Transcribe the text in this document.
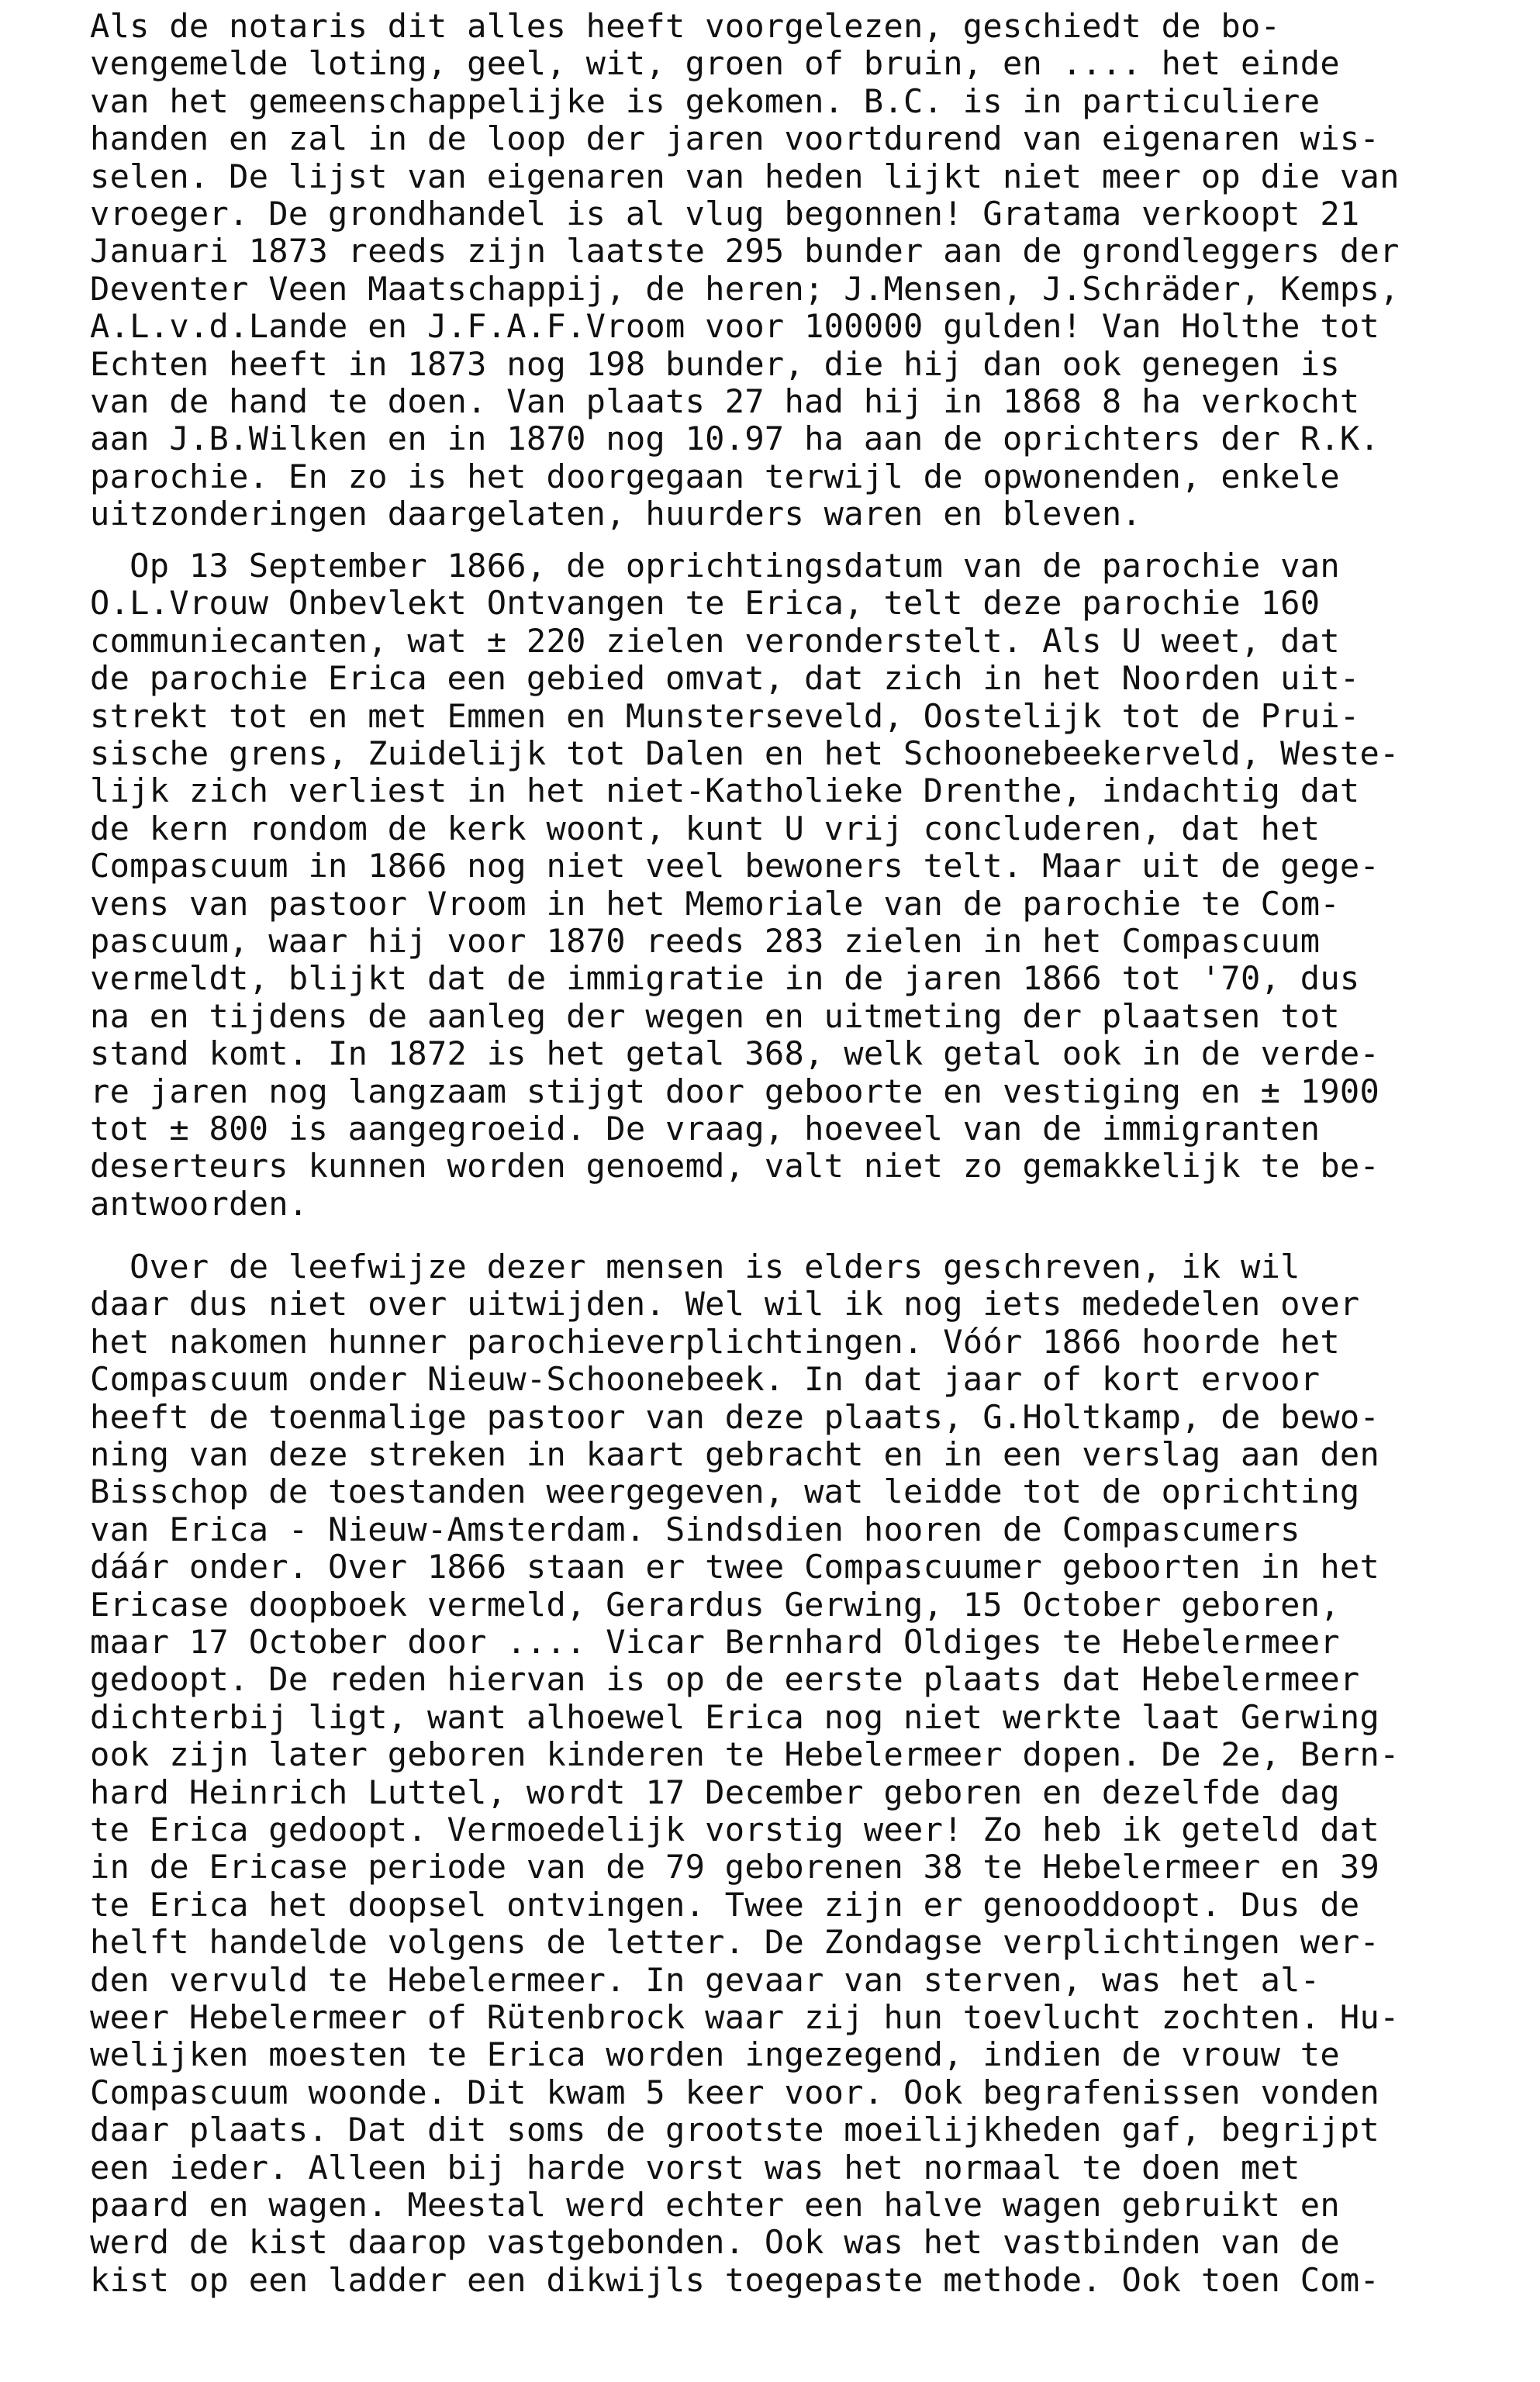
Als de notaris dit alles heeft voorgelezen, geschiedt de bo-
vengemelde loting, geel, wit, groen of bruin, en .... het einde
van het gemeenschappelijke is gekomen. B.C. is in particuliere
handen en zal in de loop der jaren voortdurend van eigenaren wis-
selen. De lijst van eigenaren van heden lijkt niet meer op die van
vroeger. De grondhandel is al vlug begonnen! Gratama verkoopt 21
Januari 1873 reeds zijn laatste 295 bunder aan de grondleggers der
Deventer Veen Maatschappij, de heren; J.Mensen, J.Schräder, Kemps,
A.L.v.d.Lande en J.F.A.F.Vroom voor 100000 gulden! Van Holthe tot
Echten heeft in 1873 nog 198 bunder, die hij dan ook genegen is
van de hand te doen. Van plaats 27 had hij in 1868 8 ha verkocht
aan J.B.Wilken en in 1870 nog 10.97 ha aan de oprichters der R.K.
parochie. En zo is het doorgegaan terwijl de opwonenden, enkele
uitzonderingen daargelaten, huurders waren en bleven.
Op 13 September 1866, de oprichtingsdatum van de parochie van
O.L.Vrouw Onbevlekt Ontvangen te Erica, telt deze parochie 160
communiecanten, wat ± 220 zielen veronderstelt. Als U weet, dat
de parochie Erica een gebied omvat, dat zich in het Noorden uit-
strekt tot en met Emmen en Munsterseveld, Oostelijk tot de Prui-
sische grens, Zuidelijk tot Dalen en het Schoonebeekerveld, Weste-
lijk zich verliest in het niet-Katholieke Drenthe, indachtig dat
de kern rondom de kerk woont, kunt U vrij concluderen, dat het
Compascuum in 1866 nog niet veel bewoners telt. Maar uit de gege-
vens van pastoor Vroom in het Memoriale van de parochie te Com-
pascuum, waar hij voor 1870 reeds 283 zielen in het Compascuum
vermeldt, blijkt dat de immigratie in de jaren 1866 tot '70, dus
na en tijdens de aanleg der wegen en uitmeting der plaatsen tot
stand komt. In 1872 is het getal 368, welk getal ook in de verde-
re jaren nog langzaam stijgt door geboorte en vestiging en ± 1900
tot ± 800 is aangegroeid. De vraag, hoeveel van de immigranten
deserteurs kunnen worden genoemd, valt niet zo gemakkelijk te be-
antwoorden.
Over de leefwijze dezer mensen is elders geschreven, ik wil
daar dus niet over uitwijden. Wel wil ik nog iets mededelen over
het nakomen hunner parochieverplichtingen. Vóór 1866 hoorde het
Compascuum onder Nieuw-Schoonebeek. In dat jaar of kort ervoor
heeft de toenmalige pastoor van deze plaats, G.Holtkamp, de bewo-
ning van deze streken in kaart gebracht en in een verslag aan den
Bisschop de toestanden weergegeven, wat leidde tot de oprichting
van Erica - Nieuw-Amsterdam. Sindsdien hooren de Compascumers
dáár onder. Over 1866 staan er twee Compascuumer geboorten in het
Ericase doopboek vermeld, Gerardus Gerwing, 15 October geboren,
maar 17 October door .... Vicar Bernhard Oldiges te Hebelermeer
gedoopt. De reden hiervan is op de eerste plaats dat Hebelermeer
dichterbij ligt, want alhoewel Erica nog niet werkte laat Gerwing
ook zijn later geboren kinderen te Hebelermeer dopen. De 2e, Bern-
hard Heinrich Luttel, wordt 17 December geboren en dezelfde dag
te Erica gedoopt. Vermoedelijk vorstig weer! Zo heb ik geteld dat
in de Ericase periode van de 79 geborenen 38 te Hebelermeer en 39
te Erica het doopsel ontvingen. Twee zijn er genooddoopt. Dus de
helft handelde volgens de letter. De Zondagse verplichtingen wer-
den vervuld te Hebelermeer. In gevaar van sterven, was het al-
weer Hebelermeer of Rütenbrock waar zij hun toevlucht zochten. Hu-
welijken moesten te Erica worden ingezegend, indien de vrouw te
Compascuum woonde. Dit kwam 5 keer voor. Ook begrafenissen vonden
daar plaats. Dat dit soms de grootste moeilijkheden gaf, begrijpt
een ieder. Alleen bij harde vorst was het normaal te doen met
paard en wagen. Meestal werd echter een halve wagen gebruikt en
werd de kist daarop vastgebonden. Ook was het vastbinden van de
kist op een ladder een dikwijls toegepaste methode. Ook toen Com-
